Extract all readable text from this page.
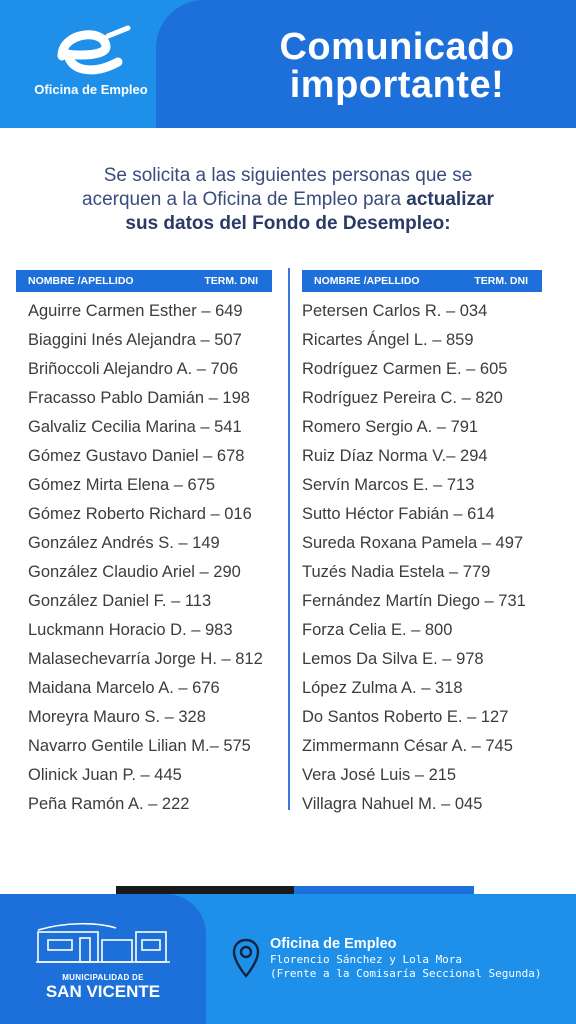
Oficina de Empleo
Comunicado
importante!
Se solicita a las siguientes personas que se
acerquen a la Oficina de Empleo para actualizar
sus datos del Fondo de Desempleo:
NOMBRE /APELLIDO	TERM. DNI	NOMBRE /APELLIDO	TERM. DNI
Aguirre Carmen Esther – 649
Biaggini Inés Alejandra – 507
Briñoccoli Alejandro A. – 706
Fracasso Pablo Damián – 198
Galvaliz Cecilia Marina – 541
Gómez Gustavo Daniel – 678
Gómez Mirta Elena – 675
Gómez Roberto Richard – 016
González Andrés S. – 149
González Claudio Ariel – 290
González Daniel F. – 113
Luckmann Horacio D. – 983
Malasechevarría Jorge H. – 812
Maidana Marcelo A. – 676
Moreyra Mauro S. – 328
Navarro Gentile Lilian M.– 575
Olinick Juan P. – 445
Peña Ramón A. – 222
Petersen Carlos R. – 034
Ricartes Ángel L. – 859
Rodríguez Carmen E. – 605
Rodríguez Pereira C. – 820
Romero Sergio A. – 791
Ruiz Díaz Norma V.– 294
Servín Marcos E. – 713
Sutto Héctor Fabián – 614
Sureda Roxana Pamela – 497
Tuzés Nadia Estela – 779
Fernández Martín Diego – 731
Forza Celia E. – 800
Lemos Da Silva E. – 978
López Zulma A. – 318
Do Santos Roberto E. – 127
Zimmermann César A. – 745
Vera José Luis – 215
Villagra Nahuel M. – 045
MUNICIPALIDAD DE
SAN VICENTE
Oficina de Empleo
Florencio Sánchez y Lola Mora
(Frente a la Comisaría Seccional Segunda)
